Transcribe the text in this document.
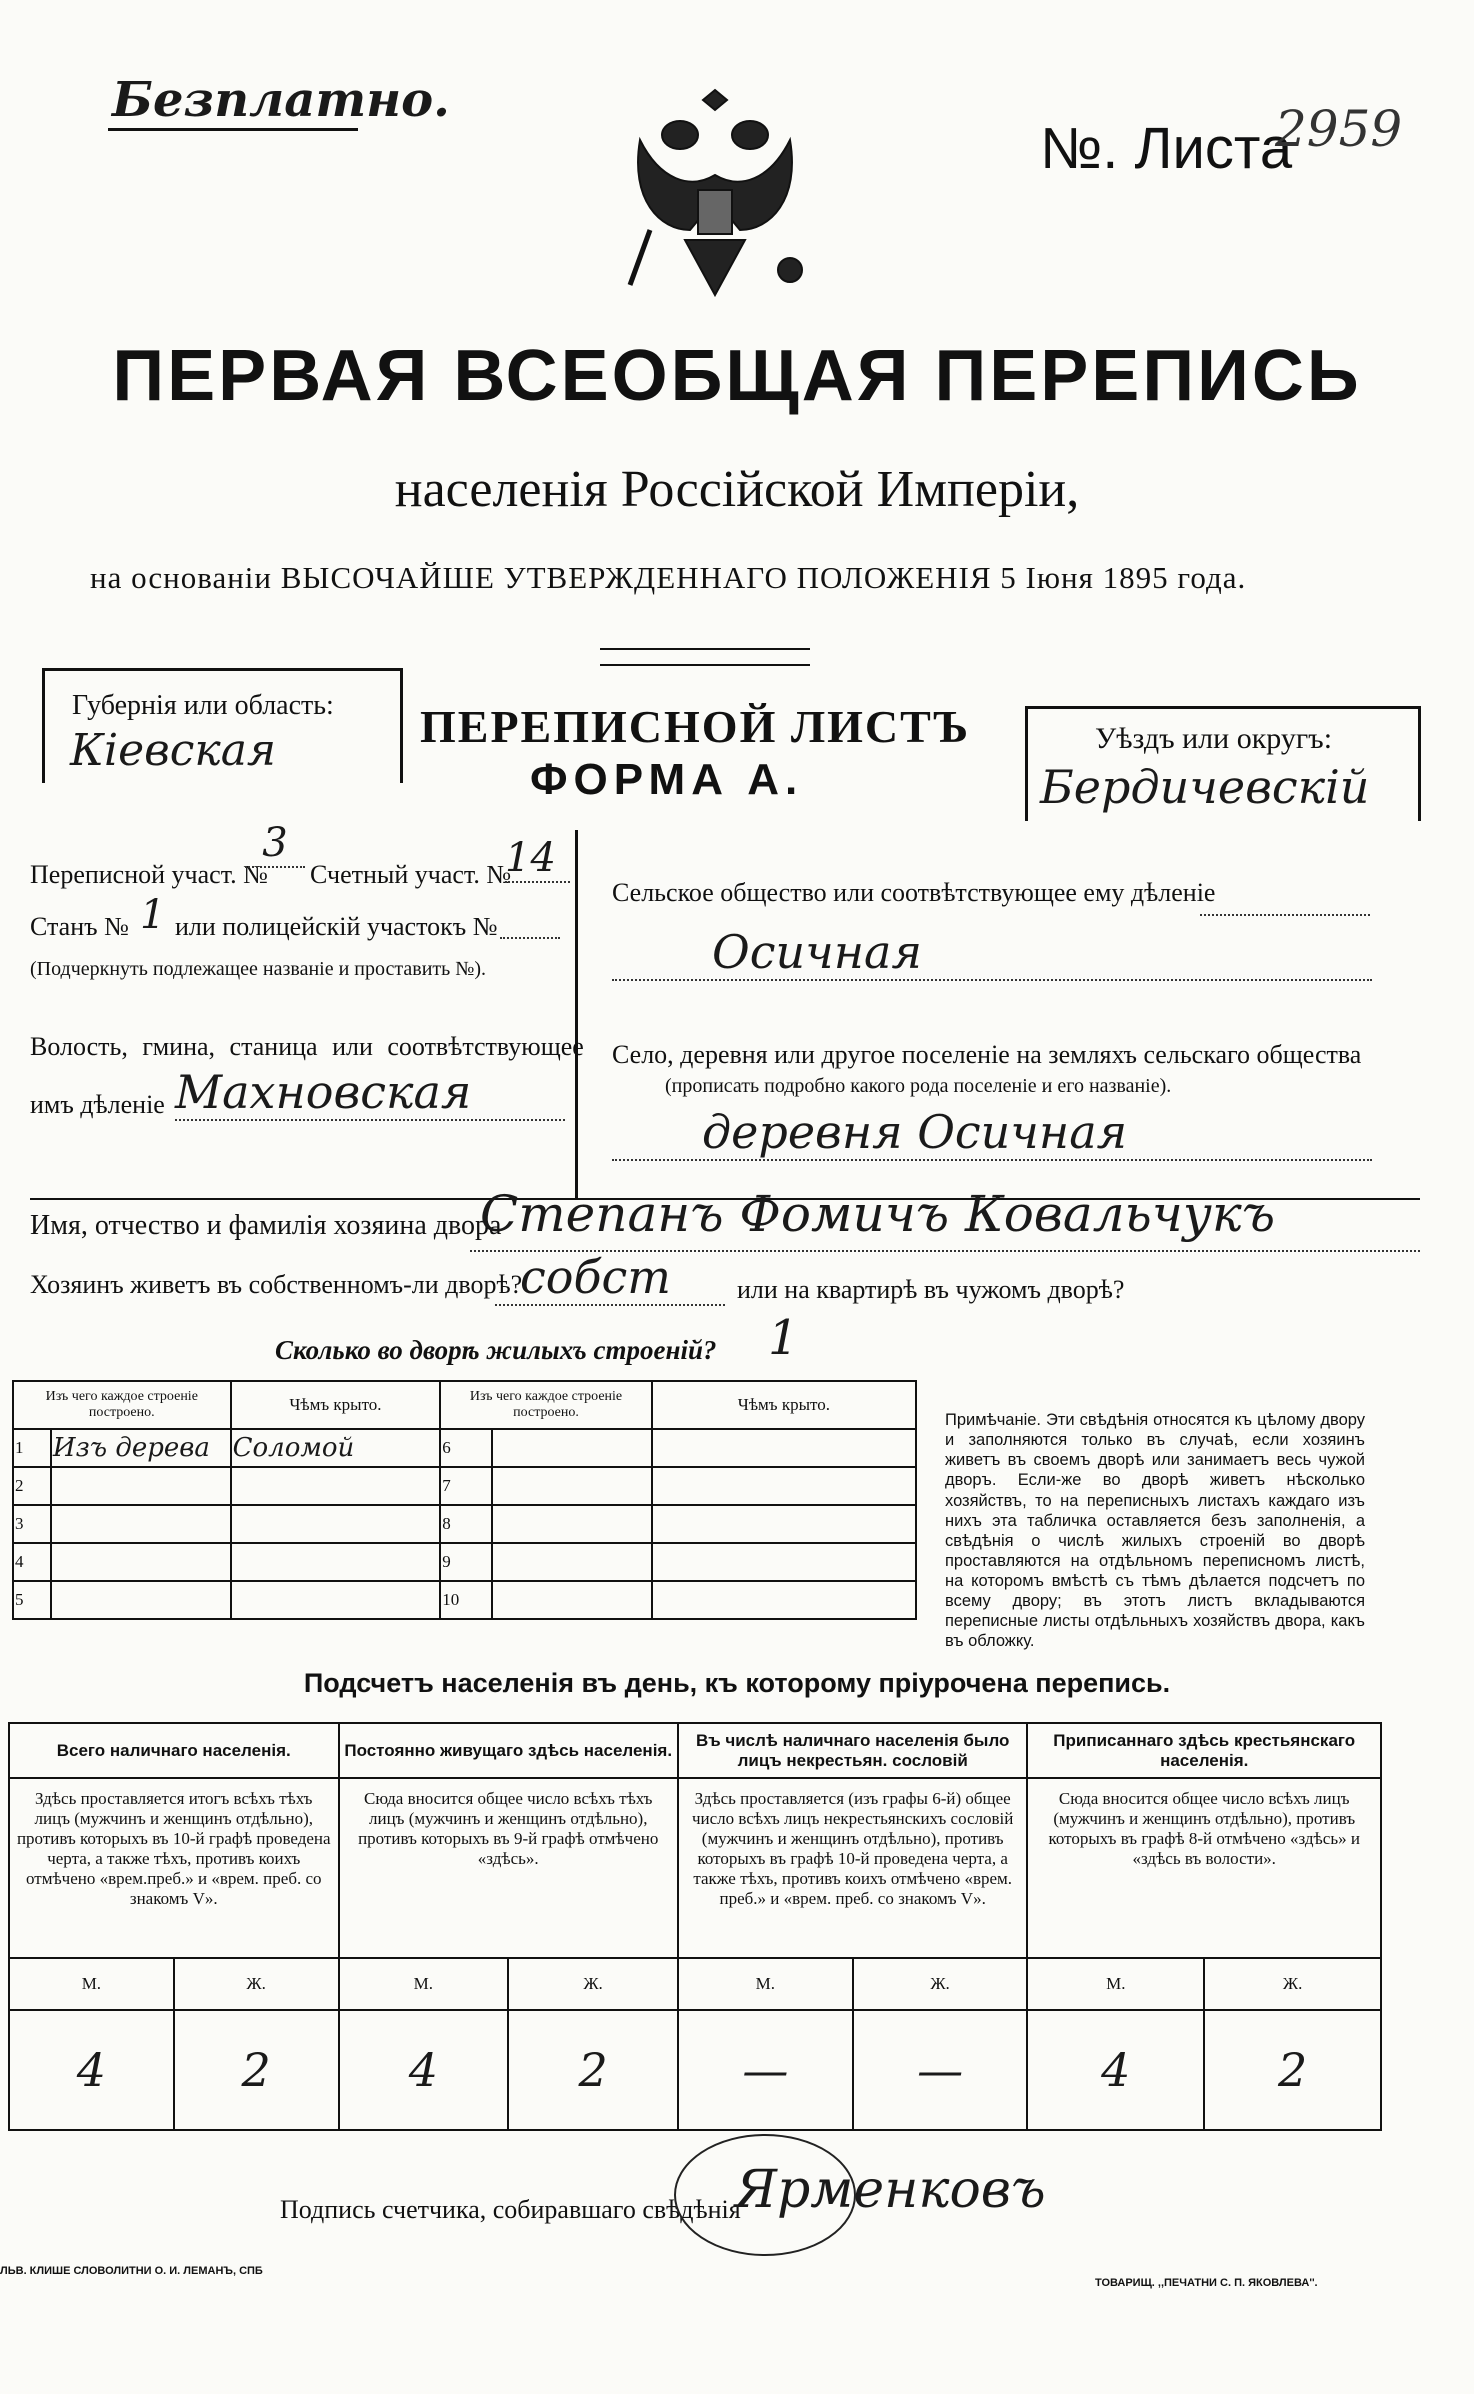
Безплатно.
№. Листа
2959
ПЕРВАЯ ВСЕОБЩАЯ ПЕРЕПИСЬ
населенія Россійской Имперіи,
на основаніи ВЫСОЧАЙШЕ УТВЕРЖДЕННАГО ПОЛОЖЕНІЯ 5 Іюня 1895 года.
Губернія или область:
Кіевская	ПЕРЕПИСНОЙ ЛИСТЪ
ФОРМА А.
Уѣздъ или округъ:
Бердичевскій
Переписной участ. №
3
Счетный участ. №
14
Станъ № 1 или полицейскій участокъ №
(Подчеркнуть подлежащее названіе и проставить №).
Волость, гмина, станица или соотвѣтствующее
имъ дѣленіе Махновская
Сельское общество или соотвѣтствующее ему дѣленіе
Осичная
Село, деревня или другое поселеніе на земляхъ сельскаго общества
(прописать подробно какого рода поселеніе и его названіе).
деревня Осичная
Имя, отчество и фамилія хозяина двора
Степанъ Фомичъ Ковальчукъ
Хозяинъ живетъ въ собственномъ-ли дворѣ?
собст	или на квартирѣ въ чужомъ дворѣ?
Сколько во дворѣ жилыхъ строеній? 1
Изъ чего каждое строеніе построено.		Чѣмъ крыто.	Изъ чего каждое строеніе построено.		Чѣмъ крыто.
1	Изъ дерева	Соломой	6		
2			7		
3			8		
4			9		
5			10		
Примѣчаніе. Эти свѣдѣнія относятся къ цѣлому двору и заполняются только въ случаѣ, если хозяинъ живетъ въ своемъ дворѣ или занимаетъ весь чужой дворъ. Если-же во дворѣ живетъ нѣсколько хозяйствъ, то на переписныхъ листахъ каждаго изъ нихъ эта табличка оставляется безъ заполненія, а свѣдѣнія о числѣ жилыхъ строеній во дворѣ проставляются на отдѣльномъ переписномъ листѣ, на которомъ вмѣстѣ съ тѣмъ дѣлается подсчетъ по всему двору; въ этотъ листъ вкладываются переписные листы отдѣльныхъ хозяйствъ двора, какъ въ обложку.
Подсчетъ населенія въ день, къ которому пріурочена перепись.
Всего наличнаго населенія.		Постоянно живущаго здѣсь населенія.		Въ числѣ наличнаго населенія было лицъ некрестьян. сословій		Приписаннаго здѣсь крестьянскаго населенія.	
Здѣсь проставляется итогъ всѣхъ тѣхъ лицъ (мужчинъ и женщинъ отдѣльно), противъ которыхъ въ 10-й графѣ проведена черта, а также тѣхъ, противъ коихъ отмѣчено «врем.преб.» и «врем. преб. со знакомъ V».		Сюда вносится общее число всѣхъ тѣхъ лицъ (мужчинъ и женщинъ отдѣльно), противъ которыхъ въ 9-й графѣ отмѣчено «здѣсь».		Здѣсь проставляется (изъ графы 6-й) общее число всѣхъ лицъ некрестьянскихъ сословій (мужчинъ и женщинъ отдѣльно), противъ которыхъ въ графѣ 10-й проведена черта, а также тѣхъ, противъ коихъ отмѣчено «врем. преб.» и «врем. преб. со знакомъ V».		Сюда вносится общее число всѣхъ лицъ (мужчинъ и женщинъ отдѣльно), противъ которыхъ въ графѣ 8-й отмѣчено «здѣсь» и «здѣсь въ волости».	
М.	Ж.	М.	Ж.	М.	Ж.	М.	Ж.
4	2	4	2	—	—	4	2
Подпись счетчика, собиравшаго свѣдѣнія
Ярменковъ
ЛЬВ. КЛИШЕ СЛОВОЛИТНИ О. И. ЛЕМАНЪ, СПБ
ТОВАРИЩ. ,,ПЕЧАТНИ С. П. ЯКОВЛЕВА''.
